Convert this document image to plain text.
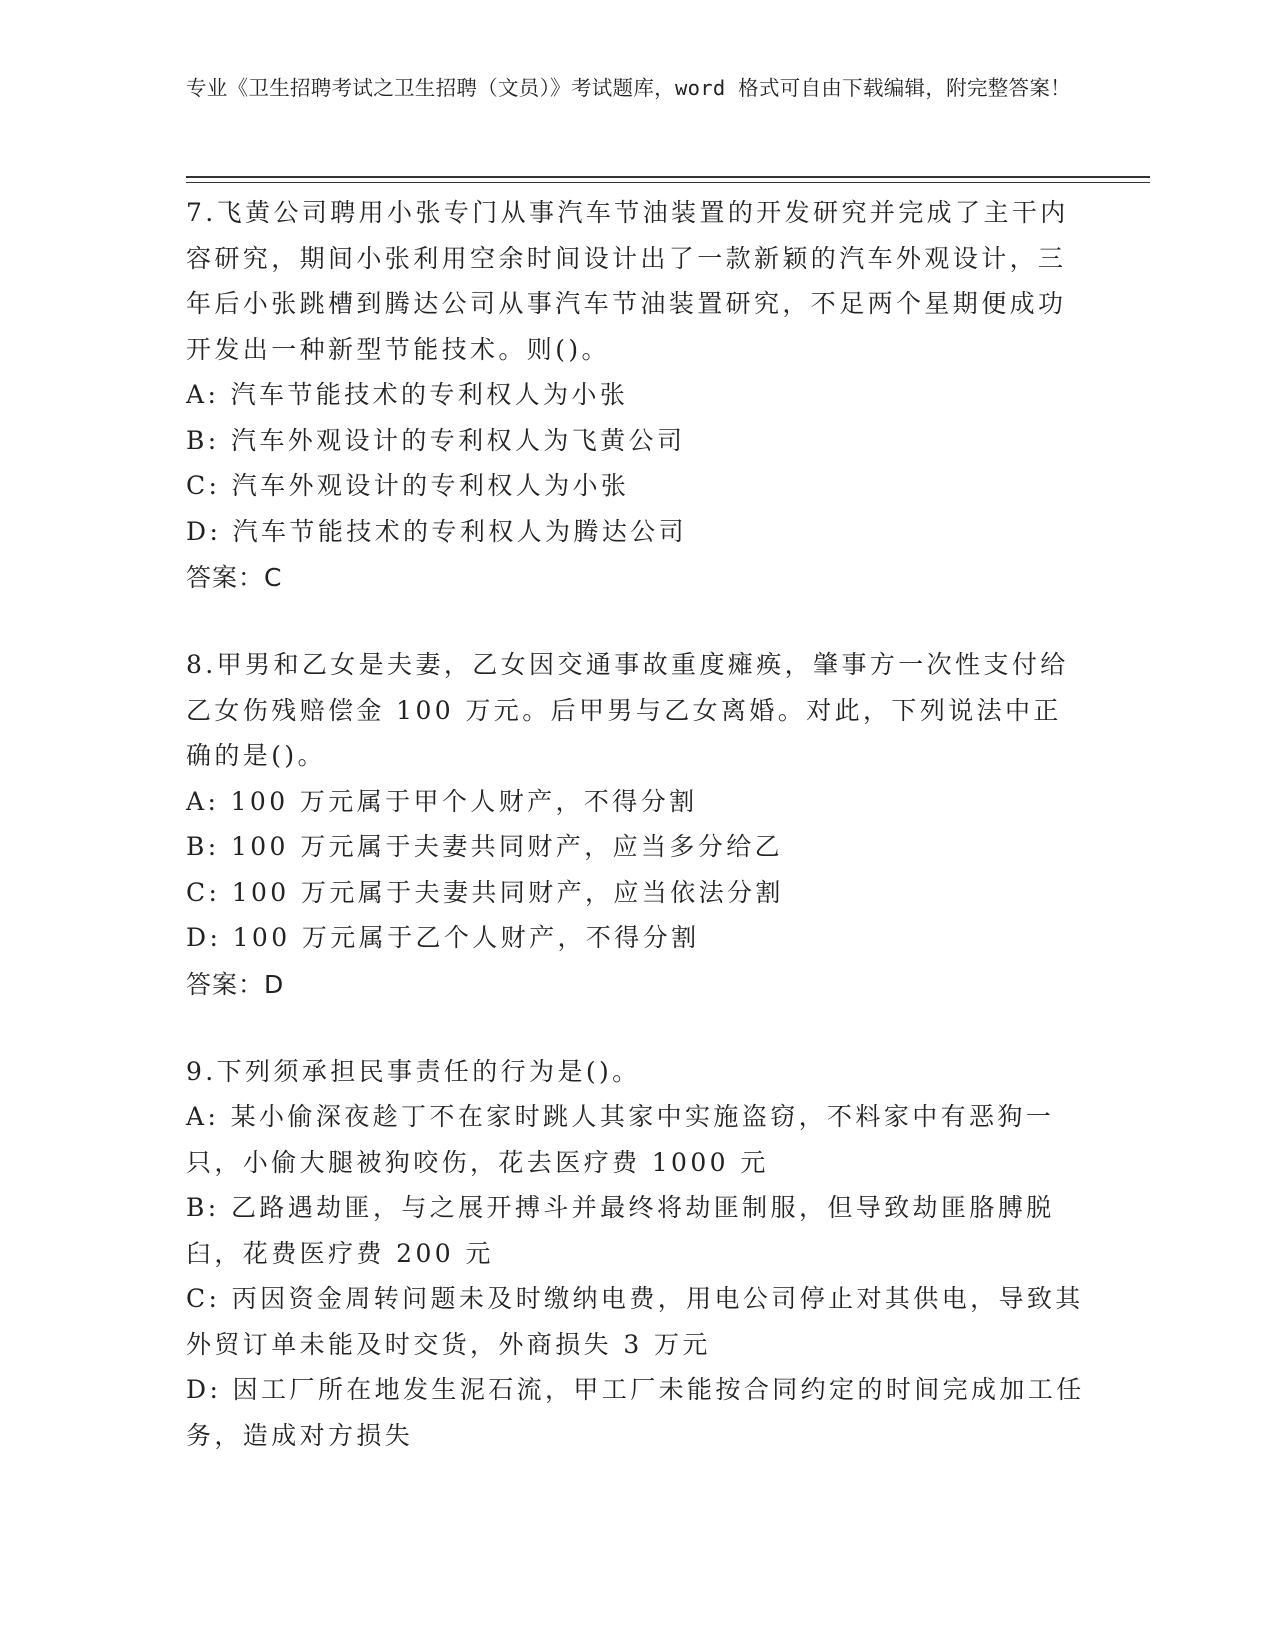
专业《卫生招聘考试之卫生招聘（文员）》考试题库，word 格式可自由下载编辑，附完整答案！

7.飞黄公司聘用小张专门从事汽车节油装置的开发研究并完成了主干内容研究，期间小张利用空余时间设计出了一款新颖的汽车外观设计，三年后小张跳槽到腾达公司从事汽车节油装置研究，不足两个星期便成功开发出一种新型节能技术。则()。

A: 汽车节能技术的专利权人为小张

B: 汽车外观设计的专利权人为飞黄公司

C: 汽车外观设计的专利权人为小张

D: 汽车节能技术的专利权人为腾达公司

答案：C

8.甲男和乙女是夫妻，乙女因交通事故重度瘫痪，肇事方一次性支付给乙女伤残赔偿金 100 万元。后甲男与乙女离婚。对此，下列说法中正确的是()。

A: 100 万元属于甲个人财产，不得分割

B: 100 万元属于夫妻共同财产，应当多分给乙

C: 100 万元属于夫妻共同财产，应当依法分割

D: 100 万元属于乙个人财产，不得分割

答案：D

9.下列须承担民事责任的行为是()。

A: 某小偷深夜趁丁不在家时跳人其家中实施盗窃，不料家中有恶狗一只，小偷大腿被狗咬伤，花去医疗费 1000 元

B: 乙路遇劫匪，与之展开搏斗并最终将劫匪制服，但导致劫匪胳膊脱臼，花费医疗费 200 元

C: 丙因资金周转问题未及时缴纳电费，用电公司停止对其供电，导致其外贸订单未能及时交货，外商损失 3 万元

D: 因工厂所在地发生泥石流，甲工厂未能按合同约定的时间完成加工任务，造成对方损失
